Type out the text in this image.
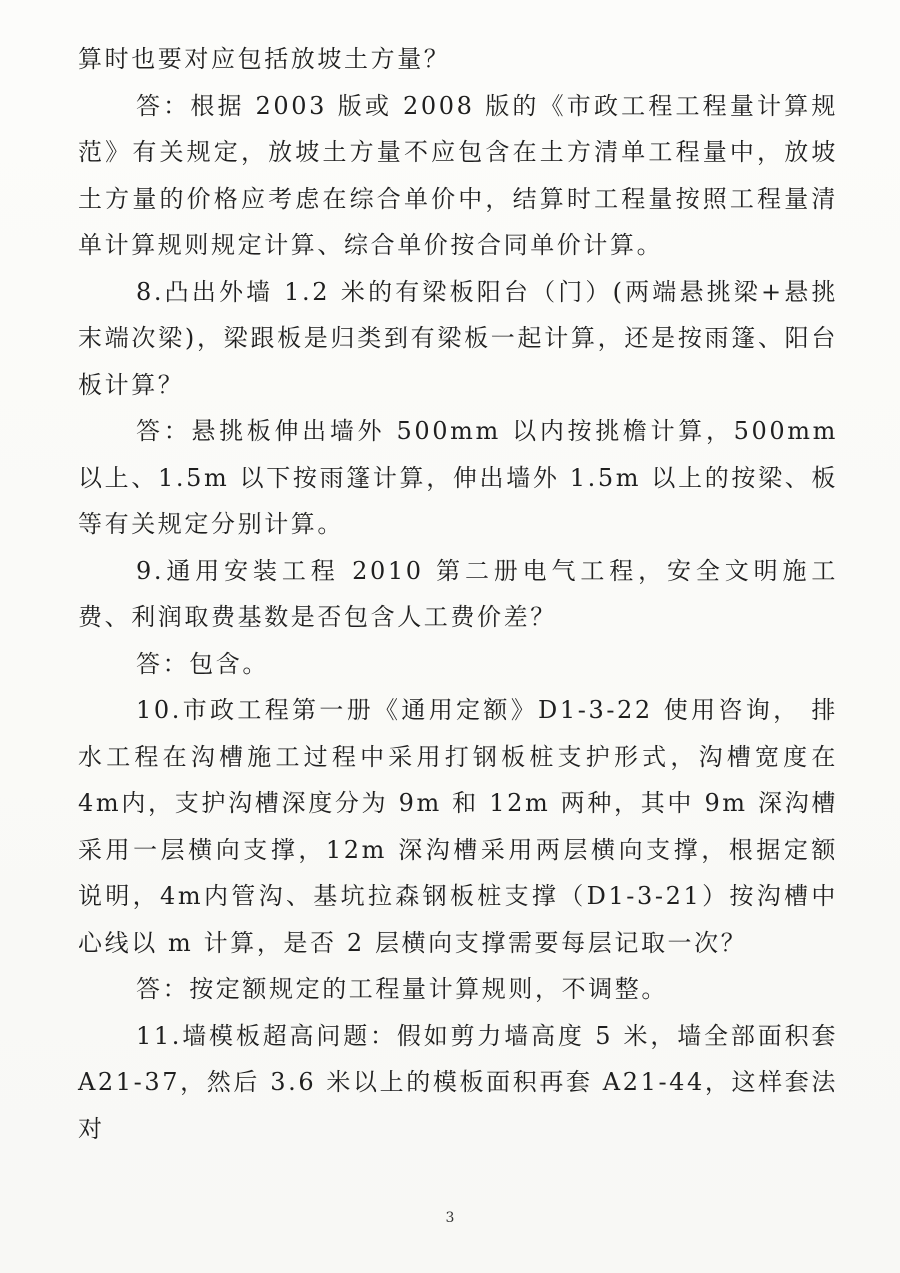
算时也要对应包括放坡土方量？

答：根据 2003 版或 2008 版的《市政工程工程量计算规范》有关规定，放坡土方量不应包含在土方清单工程量中，放坡土方量的价格应考虑在综合单价中，结算时工程量按照工程量清单计算规则规定计算、综合单价按合同单价计算。

8.凸出外墙 1.2 米的有梁板阳台（门）(两端悬挑梁+悬挑末端次梁)，梁跟板是归类到有梁板一起计算，还是按雨篷、阳台板计算？

答：悬挑板伸出墙外 500mm 以内按挑檐计算，500mm 以上、1.5m 以下按雨篷计算，伸出墙外 1.5m 以上的按梁、板等有关规定分别计算。

9.通用安装工程 2010 第二册电气工程，安全文明施工费、利润取费基数是否包含人工费价差？

答：包含。

10.市政工程第一册《通用定额》D1-3-22 使用咨询， 排水工程在沟槽施工过程中采用打钢板桩支护形式，沟槽宽度在 4m内，支护沟槽深度分为 9m 和 12m 两种，其中 9m 深沟槽采用一层横向支撑，12m 深沟槽采用两层横向支撑，根据定额说明，4m内管沟、基坑拉森钢板桩支撑（D1-3-21）按沟槽中心线以 m 计算，是否 2 层横向支撑需要每层记取一次？

答：按定额规定的工程量计算规则，不调整。

11.墙模板超高问题：假如剪力墙高度 5 米，墙全部面积套A21-37，然后 3.6 米以上的模板面积再套 A21-44，这样套法对

3
